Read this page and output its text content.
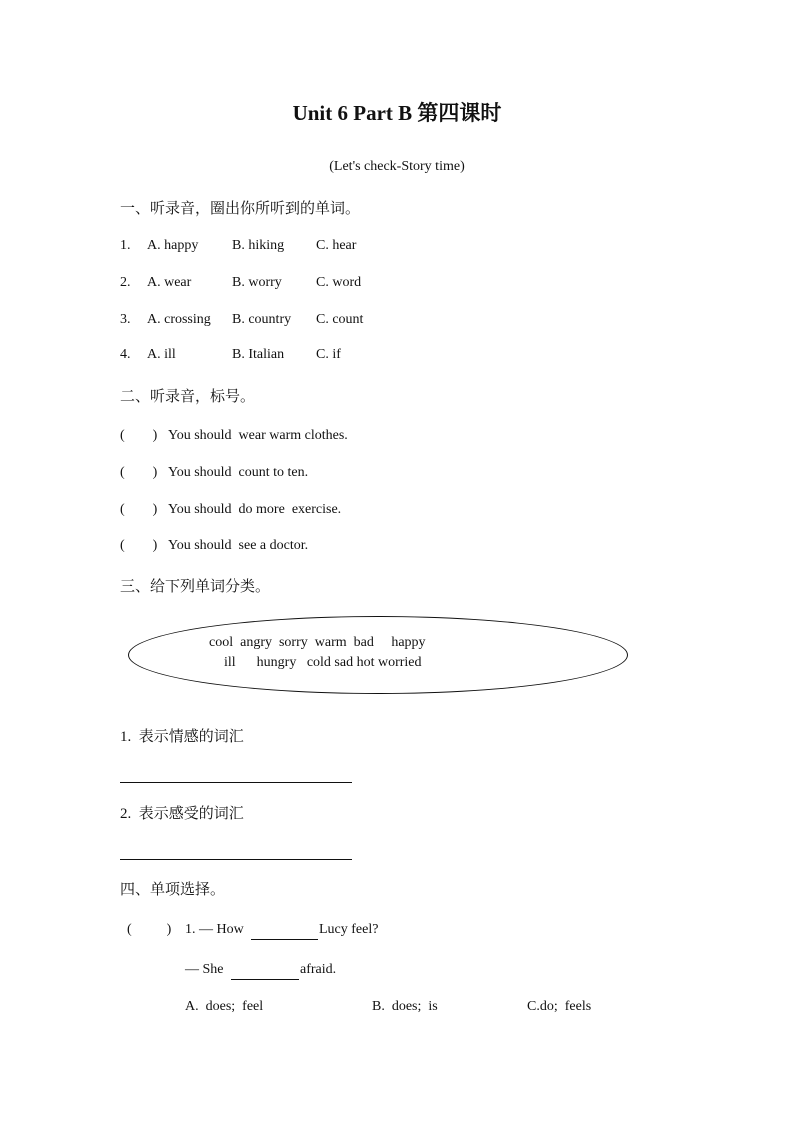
Unit 6 Part B 第四课时
(Let's check-Story time)
一、听录音，圈出你所听到的单词。
1. A. happy B. hiking C. hear
2. A. wear	B. worry C. word
3. A. crossing B. country C. count
4. A. ill	B. Italian C. if
二、听录音，标号。
(        ) You should  wear warm clothes.
(        ) You should  count to ten.
(        ) You should  do more  exercise.
(        ) You should  see a doctor.
三、给下列单词分类。
cool  angry  sorry  warm  bad     happy
ill      hungry   cold sad hot worried
1.  表示情感的词汇
2.  表示感受的词汇
四、单项选择。
(          ) 1. — How	Lucy feel?
— She	afraid.
A.  does;  feel	B.  does;  is	C.do;  feels
